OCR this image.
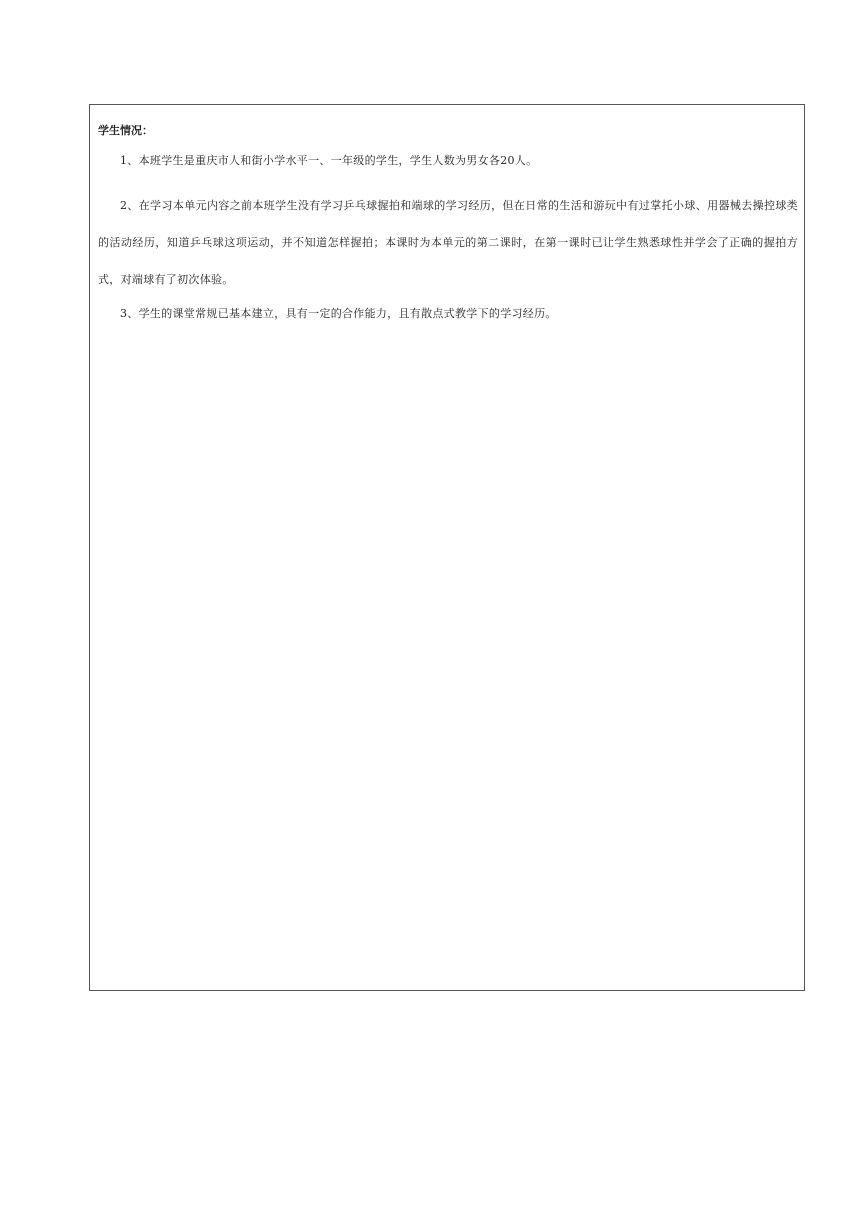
学生情况：

1、本班学生是重庆市人和街小学水平一、一年级的学生，学生人数为男女各20人。

2、在学习本单元内容之前本班学生没有学习乒乓球握拍和端球的学习经历，但在日常的生活和游玩中有过掌托小球、用器械去操控球类的活动经历，知道乒乓球这项运动，并不知道怎样握拍；本课时为本单元的第二课时，在第一课时已让学生熟悉球性并学会了正确的握拍方式，对端球有了初次体验。

3、学生的课堂常规已基本建立，具有一定的合作能力，且有散点式教学下的学习经历。
